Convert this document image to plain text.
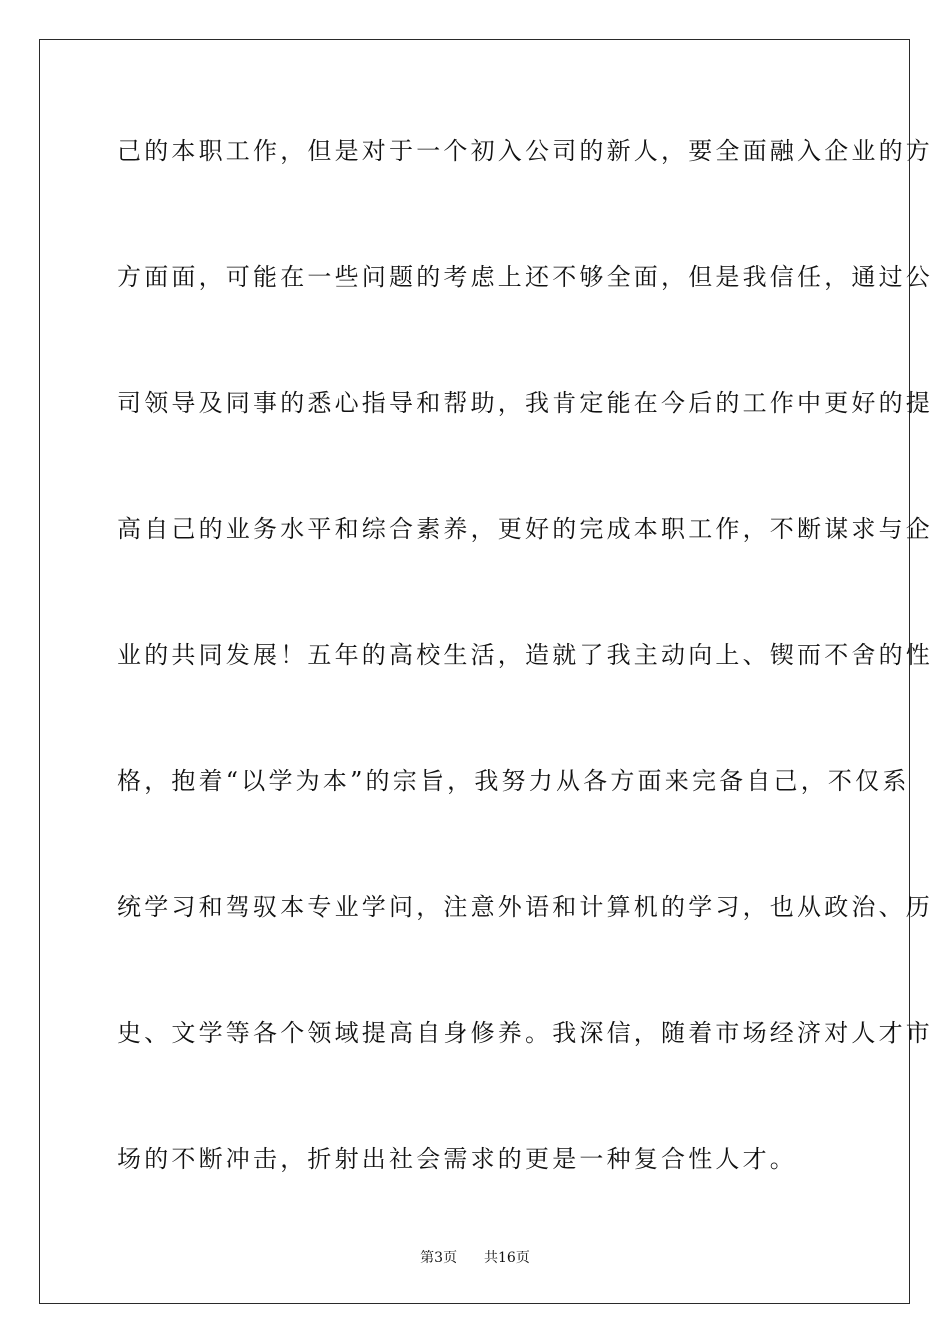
己的本职工作，但是对于一个初入公司的新人，要全面融入企业的方
方面面，可能在一些问题的考虑上还不够全面，但是我信任，通过公
司领导及同事的悉心指导和帮助，我肯定能在今后的工作中更好的提
高自己的业务水平和综合素养，更好的完成本职工作，不断谋求与企
业的共同发展！五年的高校生活，造就了我主动向上、锲而不舍的性
格，抱着“以学为本”的宗旨，我努力从各方面来完备自己，不仅系
统学习和驾驭本专业学问，注意外语和计算机的学习，也从政治、历
史、文学等各个领域提高自身修养。我深信，随着市场经济对人才市
场的不断冲击，折射出社会需求的更是一种复合性人才。
第3页 共16页
